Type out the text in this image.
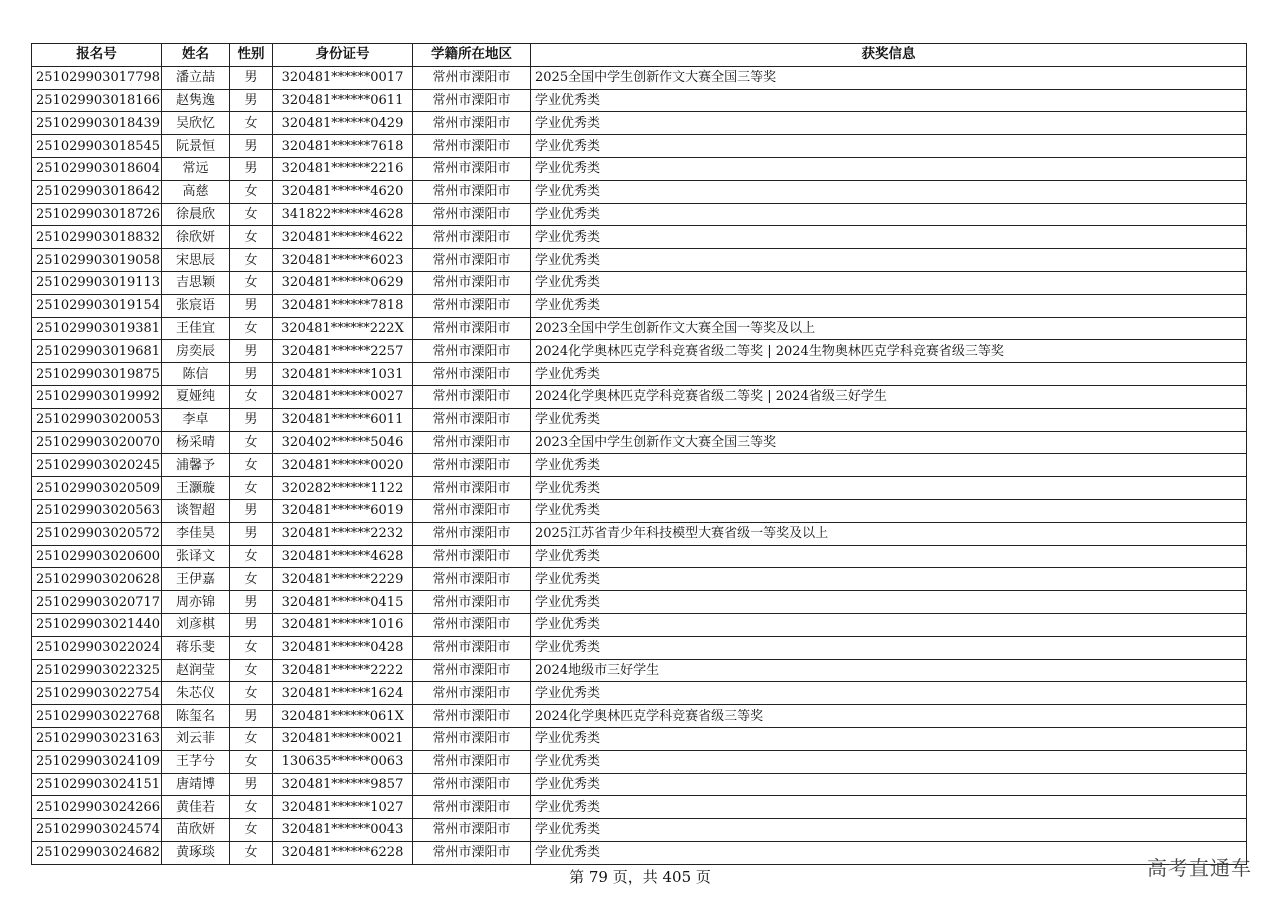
报名号	姓名	性别	身份证号	学籍所在地区	获奖信息
251029903017798	潘立喆	男	320481******0017	常州市溧阳市	2025全国中学生创新作文大赛全国三等奖
251029903018166	赵隽逸	男	320481******0611	常州市溧阳市	学业优秀类
251029903018439	吴欣忆	女	320481******0429	常州市溧阳市	学业优秀类
251029903018545	阮景恒	男	320481******7618	常州市溧阳市	学业优秀类
251029903018604	常远	男	320481******2216	常州市溧阳市	学业优秀类
251029903018642	高慈	女	320481******4620	常州市溧阳市	学业优秀类
251029903018726	徐晨欣	女	341822******4628	常州市溧阳市	学业优秀类
251029903018832	徐欣妍	女	320481******4622	常州市溧阳市	学业优秀类
251029903019058	宋思辰	女	320481******6023	常州市溧阳市	学业优秀类
251029903019113	吉思颖	女	320481******0629	常州市溧阳市	学业优秀类
251029903019154	张宸语	男	320481******7818	常州市溧阳市	学业优秀类
251029903019381	王佳宜	女	320481******222X	常州市溧阳市	2023全国中学生创新作文大赛全国一等奖及以上
251029903019681	房奕辰	男	320481******2257	常州市溧阳市	2024化学奥林匹克学科竞赛省级二等奖 | 2024生物奥林匹克学科竞赛省级三等奖
251029903019875	陈信	男	320481******1031	常州市溧阳市	学业优秀类
251029903019992	夏娅纯	女	320481******0027	常州市溧阳市	2024化学奥林匹克学科竞赛省级二等奖 | 2024省级三好学生
251029903020053	李卓	男	320481******6011	常州市溧阳市	学业优秀类
251029903020070	杨采晴	女	320402******5046	常州市溧阳市	2023全国中学生创新作文大赛全国三等奖
251029903020245	浦馨予	女	320481******0020	常州市溧阳市	学业优秀类
251029903020509	王灏璇	女	320282******1122	常州市溧阳市	学业优秀类
251029903020563	谈智超	男	320481******6019	常州市溧阳市	学业优秀类
251029903020572	李佳昊	男	320481******2232	常州市溧阳市	2025江苏省青少年科技模型大赛省级一等奖及以上
251029903020600	张译文	女	320481******4628	常州市溧阳市	学业优秀类
251029903020628	王伊嘉	女	320481******2229	常州市溧阳市	学业优秀类
251029903020717	周亦锦	男	320481******0415	常州市溧阳市	学业优秀类
251029903021440	刘彦棋	男	320481******1016	常州市溧阳市	学业优秀类
251029903022024	蒋乐斐	女	320481******0428	常州市溧阳市	学业优秀类
251029903022325	赵润莹	女	320481******2222	常州市溧阳市	2024地级市三好学生
251029903022754	朱芯仪	女	320481******1624	常州市溧阳市	学业优秀类
251029903022768	陈玺名	男	320481******061X	常州市溧阳市	2024化学奥林匹克学科竞赛省级三等奖
251029903023163	刘云菲	女	320481******0021	常州市溧阳市	学业优秀类
251029903024109	王芓兮	女	130635******0063	常州市溧阳市	学业优秀类
251029903024151	唐靖博	男	320481******9857	常州市溧阳市	学业优秀类
251029903024266	黄佳若	女	320481******1027	常州市溧阳市	学业优秀类
251029903024574	苗欣妍	女	320481******0043	常州市溧阳市	学业优秀类
251029903024682	黄琢琰	女	320481******6228	常州市溧阳市	学业优秀类
第 79 页，共 405 页	高考直通车
